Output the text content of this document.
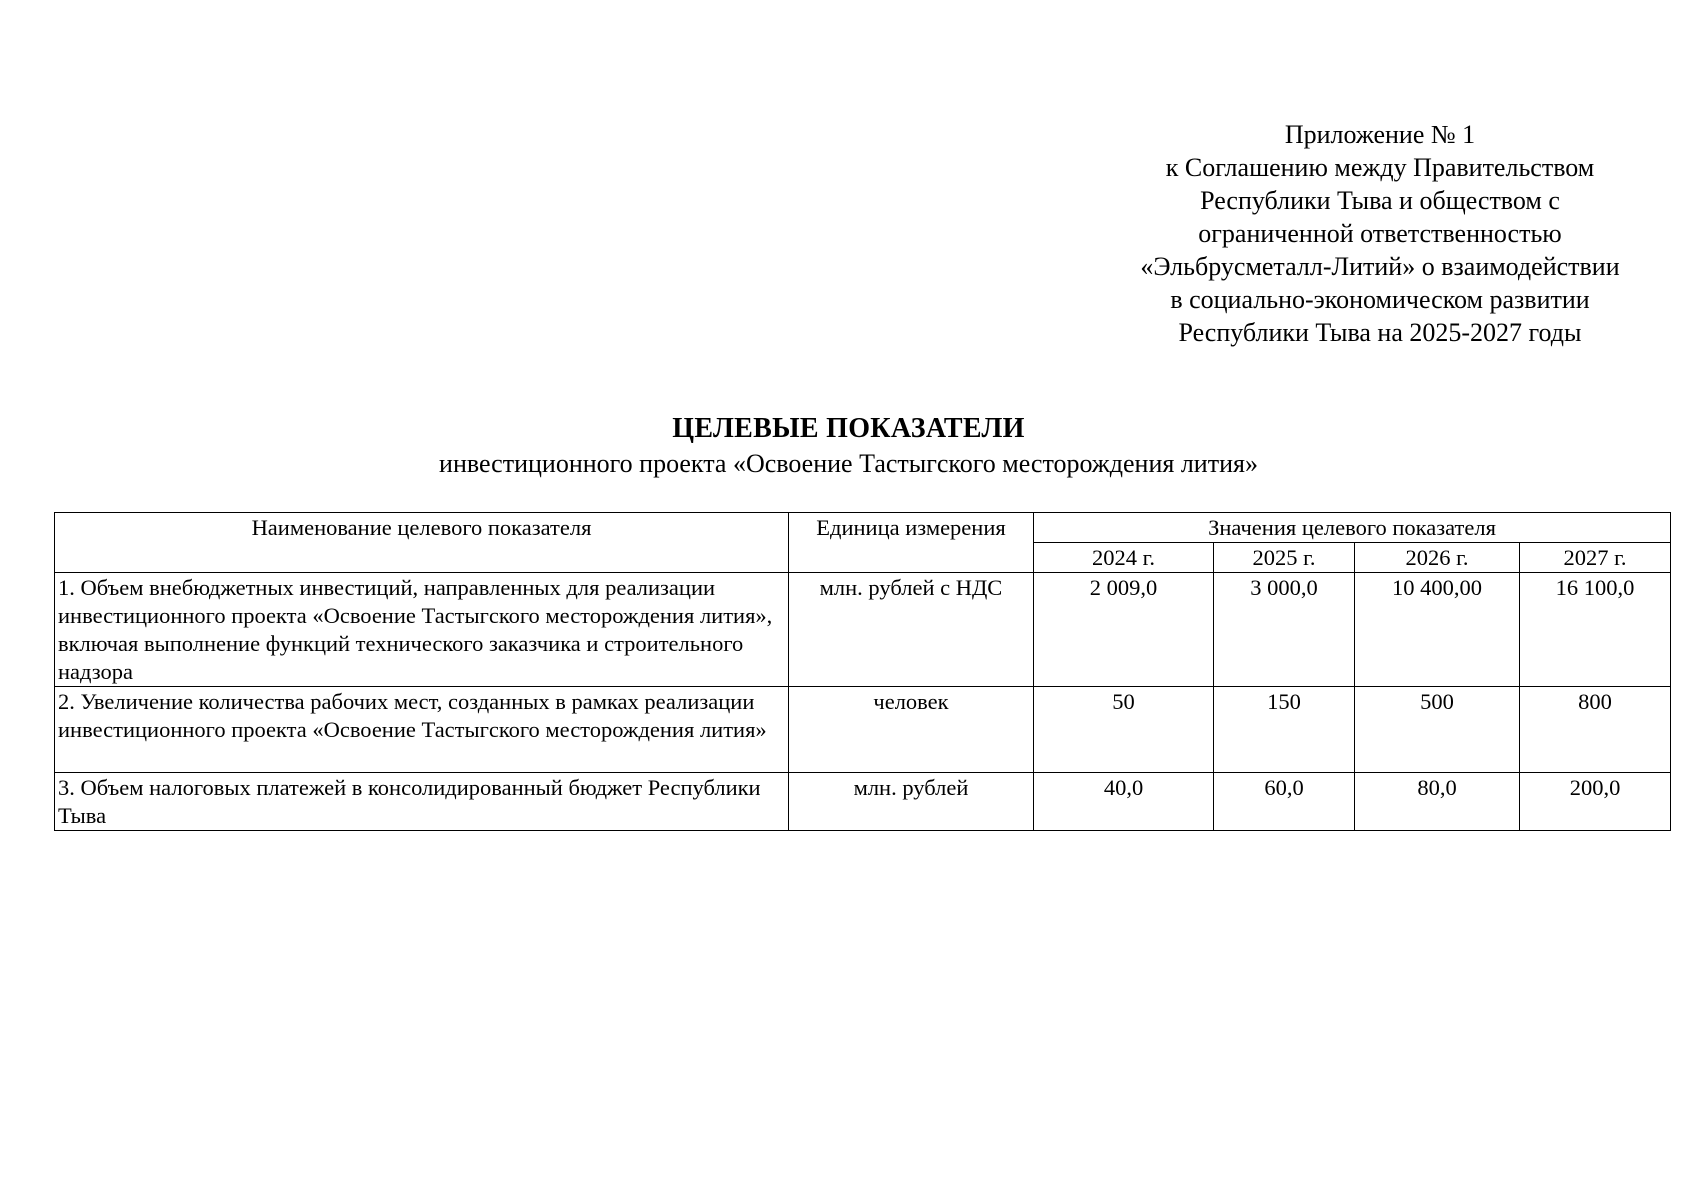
Приложение № 1
к Соглашению между Правительством
Республики Тыва и обществом с
ограниченной ответственностью
«Эльбрусметалл-Литий» о взаимодействии
в социально-экономическом развитии
Республики Тыва на 2025-2027 годы
ЦЕЛЕВЫЕ ПОКАЗАТЕЛИ
инвестиционного проекта «Освоение Тастыгского месторождения лития»
Наименование целевого показателя	Единица измерения	Значения целевого показателя			
		2024 г.	2025 г.	2026 г.	2027 г.
1. Объем внебюджетных инвестиций, направленных для реализации инвестиционного проекта «Освоение Тастыгского месторождения лития», включая выполнение функций технического заказчика и строительного надзора	млн. рублей с НДС	2 009,0	3 000,0	10 400,00	16 100,0
2. Увеличение количества рабочих мест, созданных в рамках реализации инвестиционного проекта «Освоение Тастыгского месторождения лития»	человек	50	150	500	800
3. Объем налоговых платежей в консолидированный бюджет Республики Тыва	млн. рублей	40,0	60,0	80,0	200,0
